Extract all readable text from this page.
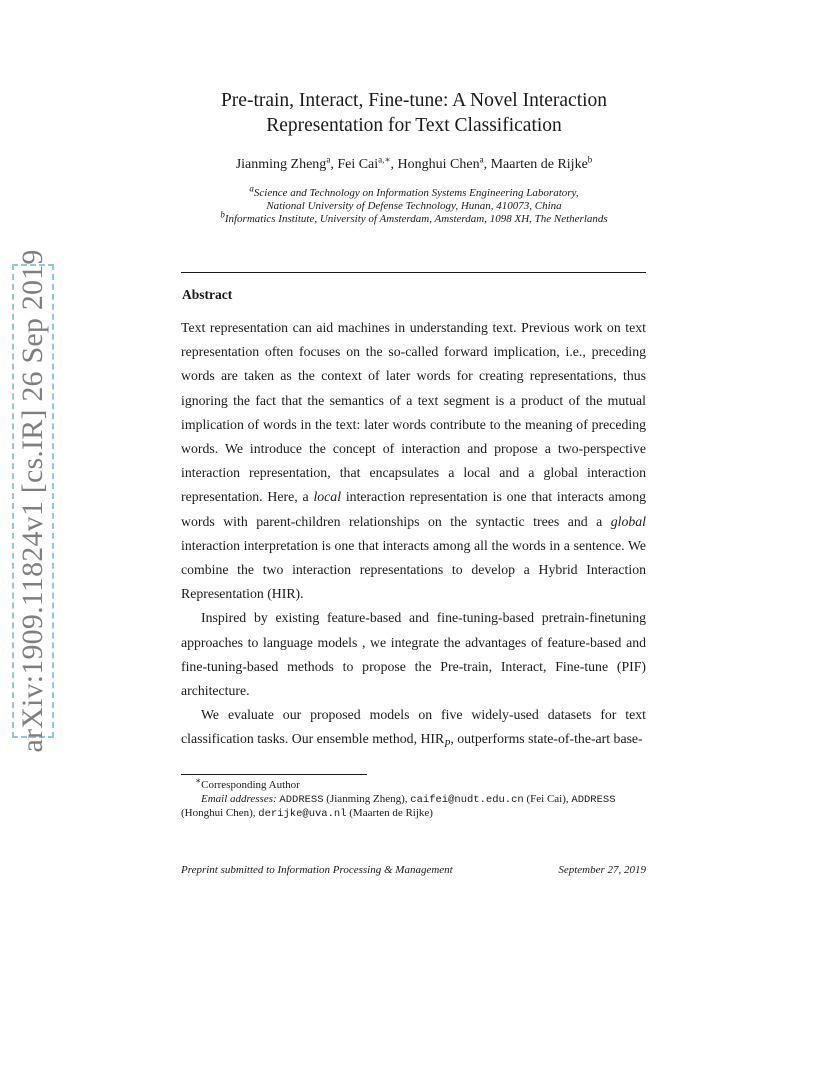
arXiv:1909.11824v1 [cs.IR] 26 Sep 2019
Pre-train, Interact, Fine-tune: A Novel Interaction
Representation for Text Classification
Jianming Zheng$^a$, Fei Cai$^{a,∗}$, Honghui Chen$^a$, Maarten de Rijke$^b$
$^a$Science and Technology on Information Systems Engineering Laboratory,
National University of Defense Technology, Hunan, 410073, China
$^b$Informatics Institute, University of Amsterdam, Amsterdam, 1098 XH, The Netherlands
Abstract

Text representation can aid machines in understanding text. Previous work on text representation often focuses on the so-called forward implication, i.e., preceding words are taken as the context of later words for creating representations, thus ignoring the fact that the semantics of a text segment is a product of the mutual implication of words in the text: later words contribute to the meaning of preceding words. We introduce the concept of interaction and propose a two-perspective interaction representation, that encapsulates a local and a global interaction representation. Here, a local interaction representation is one that interacts among words with parent-children relationships on the syntactic trees and a global interaction interpretation is one that interacts among all the words in a sentence. We combine the two interaction representations to develop a Hybrid Interaction Representation (HIR).

Inspired by existing feature-based and fine-tuning-based pretrain-finetuning approaches to language models , we integrate the advantages of feature-based and fine-tuning-based methods to propose the Pre-train, Interact, Fine-tune (PIF) architecture.

We evaluate our proposed models on five widely-used datasets for text classification tasks. Our ensemble method, $HIR_P$, outperforms state-of-the-art base-

∗Corresponding Author
Email addresses: ADDRESS (Jianming Zheng), caifei@nudt.edu.cn (Fei Cai), ADDRESS
(Honghui Chen), derijke@uva.nl (Maarten de Rijke)
Preprint submitted to Information Processing & Management	September 27, 2019
